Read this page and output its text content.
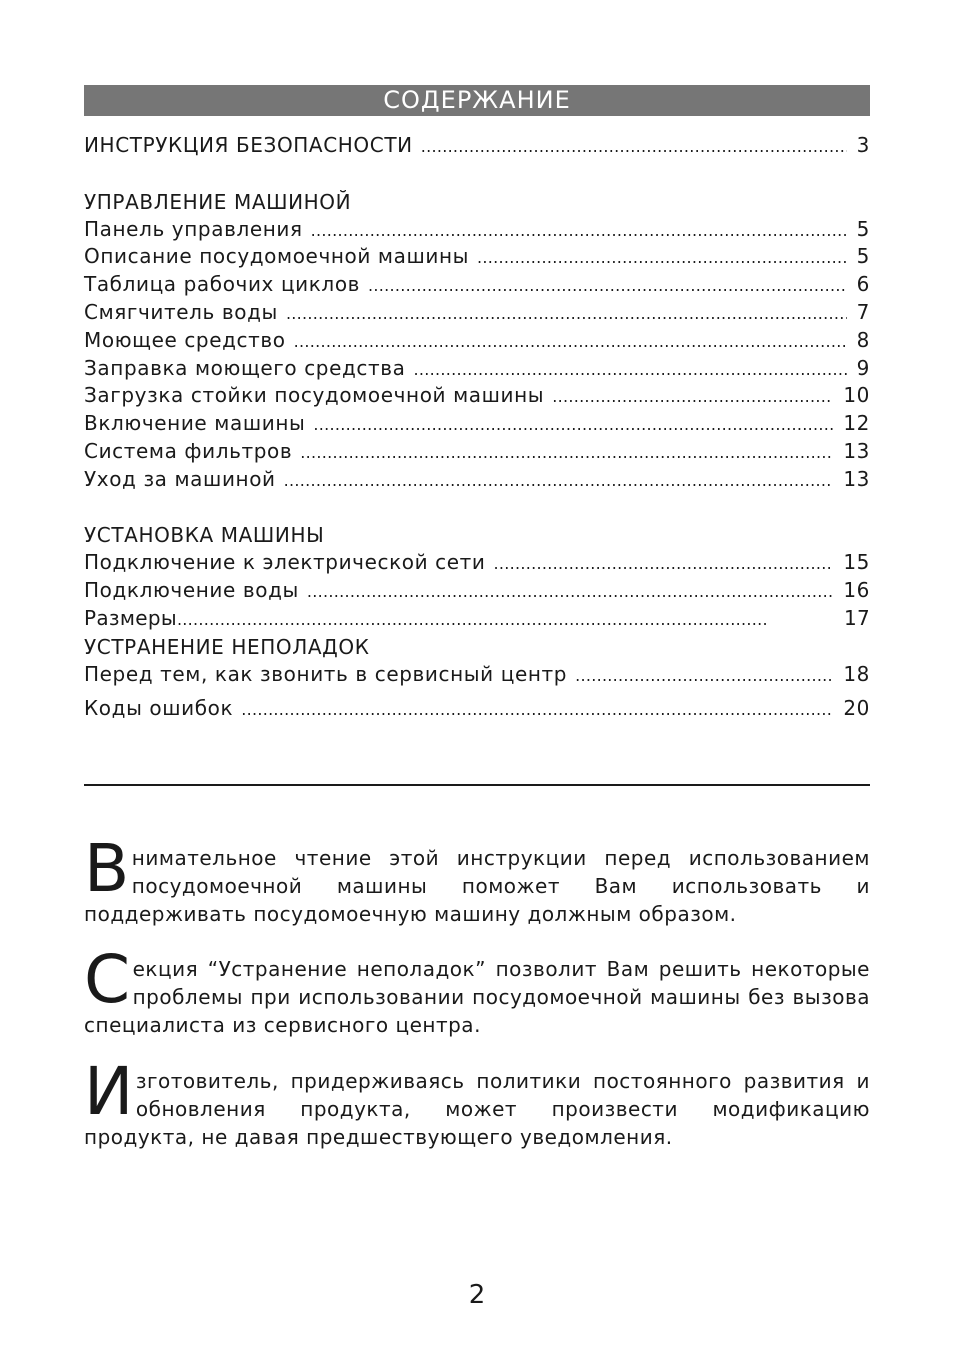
СОДЕРЖАНИЕ
ИНСТРУКЦИЯ БЕЗОПАСНОСТИ . . .	3
УПРАВЛЕНИЕ МАШИНОЙ
Панель управления . . .	5
Описание посудомоечной машины . . .	5
Таблица рабочих циклов . . .	6
Смягчитель воды . . .	7
Моющее средство . . .	8
Заправка моющего средства . . .	9
Загрузка стойки посудомоечной машины . . .	10
Включение машины . . .	12
Система фильтров . . .	13
Уход за машиной . . .	13
УСТАНОВКА МАШИНЫ
Подключение к электрической сети . . .	15
Подключение воды . . .	16
Размеры . . .	17
УСТРАНЕНИЕ НЕПОЛАДОК
Перед тем, как звонить в сервисный центр . . .	18
Коды ошибок . . .	20
В нимательное чтение этой инструкции перед использованием посудомоечной машины поможет Вам использовать и поддерживать посудомоечную машину должным образом.
С екция “Устранение неполадок” позволит Вам решить некоторые проблемы при использовании посудомоечной машины без вызова специалиста из сервисного центра.
И зготовитель, придерживаясь политики постоянного развития и обновления продукта, может произвести модификацию продукта, не давая предшествующего уведомления.
2
